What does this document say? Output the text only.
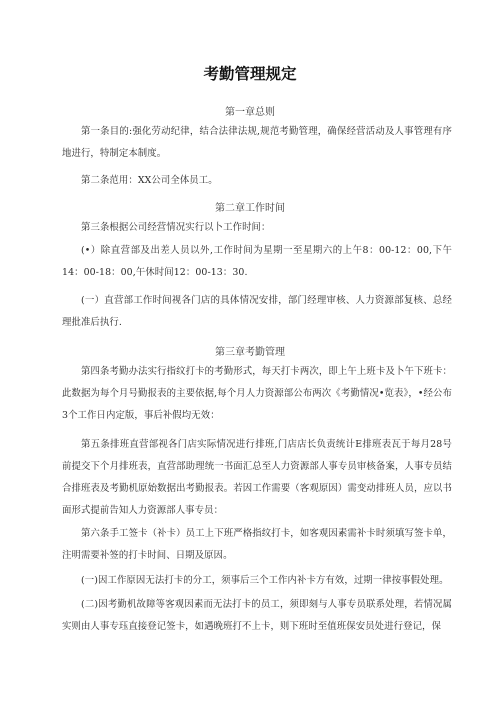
考勤管理规定
第一章总则
第一条目的:强化劳动纪律，结合法律法规,规范考勤管理，确保经营活动及人事管理有序地进行，特制定本制度。
第二条范用：XX公司全体员工。
第二章工作时间
第三条根据公司经营情况实行以卜工作时间：
(•）除直营部及出差人员以外,工作时间为星期一至星期六的上午8：00-12：00,下午14：00-18：00,午休时间12：00-13：30.
(一）直营部工作时间视各门店的具体情况安排，部门经理审核、人力资源部复核、总经理批准后执行.
第三章考勤管理
第四条考勤办法实行指纹打卡的考勤形式，每天打卡两次，即上午上班卡及卜午下班卡：此数据为每个月号勤报表的主要依据,每个月人力资源部公布两次《考勤情况•览表》，•经公布3个工作日内定版，事后补假均无效：
第五条排班直营部视各门店实际情况进行排班,门店店长负责统计E排班表瓦于每月28号前提交下个月排班表，直营部助理统一书面汇总至人力资源部人事专员审核备案，人事专员结合排班表及考勤机原始数据出考勤报表。若因工作需要（客观原因）需变动排班人员，应以书面形式提前告知人力资源部人事专员：
第六条手工签卡（补卡）员工上下班严格指纹打卡，如客观因素需补卡时须填写签卡单，注明需要补签的打卡时间、日期及原因。
(一)因工作原因无法打卡的分工，须事后三个工作内补卡方有效，过期一律按事假处理。
(二)因考勤机故障等客观因素而无法打卡的员工，须即刻与人事专员联系处理，若情况属实则由人事专珏直接登记签卡，如遇晚班打不上卡，则下班时至值班保安员处进行登记，保
